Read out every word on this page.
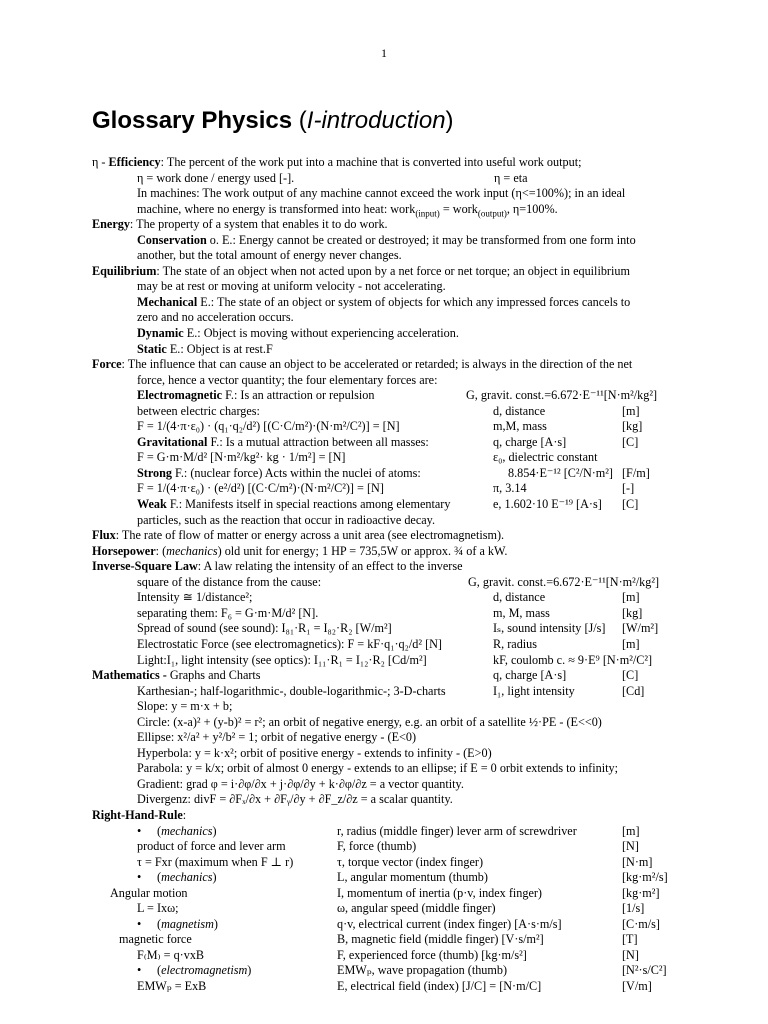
1
Glossary Physics (I-introduction)
η - Efficiency: The percent of the work put into a machine that is converted into useful work output;
η = work done / energy used [-].	η = eta
In machines: The work output of any machine cannot exceed the work input (η<=100%); in an ideal
machine, where no energy is transformed into heat: work$_{(input)}$ = work$_{(output)}$, η=100%.
Energy: The property of a system that enables it to do work.
Conservation o. E.: Energy cannot be created or destroyed; it may be transformed from one form into
another, but the total amount of energy never changes.
Equilibrium: The state of an object when not acted upon by a net force or net torque; an object in equilibrium
may be at rest or moving at uniform velocity - not accelerating.
Mechanical E.: The state of an object or system of objects for which any impressed forces cancels to
zero and no acceleration occurs.
Dynamic E.: Object is moving without experiencing acceleration.
Static E.: Object is at rest.F
Force: The influence that can cause an object to be accelerated or retarded; is always in the direction of the net
force, hence a vector quantity; the four elementary forces are:
Electromagnetic F.: Is an attraction or repulsion	G, gravit. const.=6.672·E⁻¹¹[N·m²/kg²]
between electric charges:	d, distance	[m]
F = 1/(4·π·ε₀) · (q₁·q₂/d²) [(C·C/m²)·(N·m²/C²)] = [N]	m,M, mass	[kg]
Gravitational F.: Is a mutual attraction between all masses:	q, charge [A·s]	[C]
F = G·m·M/d² [N·m²/kg²· kg · 1/m²] = [N]	ε₀, dielectric constant
Strong F.: (nuclear force) Acts within the nuclei of atoms:	8.854·E⁻¹² [C²/N·m²] [F/m]
F = 1/(4·π·ε₀) · (e²/d²) [(C·C/m²)·(N·m²/C²)] = [N]	π, 3.14	[-]
Weak F.: Manifests itself in special reactions among elementary	e, 1.602·10 E⁻¹⁹ [A·s] [C]
particles, such as the reaction that occur in radioactive decay.
Flux: The rate of flow of matter or energy across a unit area (see electromagnetism).
Horsepower: (mechanics) old unit for energy; 1 HP = 735,5W or approx. ¾ of a kW.
Inverse-Square Law: A law relating the intensity of an effect to the inverse
square of the distance from the cause:	G, gravit. const.=6.672·E⁻¹¹[N·m²/kg²]
Intensity ≅ 1/distance²;	d, distance	[m]
separating them: F₆ = G·m·M/d² [N].	m, M, mass	[kg]
Spread of sound (see sound): I₈₁·R₁ = I₈₂·R₂ [W/m²]	Iₛ, sound intensity [J/s] [W/m²]
Electrostatic Force (see electromagnetics): F = kF·q₁·q₂/d² [N]	R, radius	[m]
Light:I₁, light intensity (see optics): I₁₁·R₁ = I₁₂·R₂ [Cd/m²]	kF, coulomb c. ≈ 9·E⁹ [N·m²/C²]
Mathematics - Graphs and Charts	q, charge [A·s]	[C]
Karthesian-; half-logarithmic-, double-logarithmic-; 3-D-charts	I₁, light intensity	[Cd]
Slope: y = m·x + b;
Circle: (x-a)² + (y-b)² = r²; an orbit of negative energy, e.g. an orbit of a satellite ½·PE - (E<<0)
Ellipse: x²/a² + y²/b² = 1; orbit of negative energy - (E<0)
Hyperbola: y = k·x²; orbit of positive energy - extends to infinity - (E>0)
Parabola: y = k/x; orbit of almost 0 energy - extends to an ellipse; if E = 0 orbit extends to infinity;
Gradient: grad φ = i·∂φ/∂x + j·∂φ/∂y + k·∂φ/∂z = a vector quantity.
Divergenz: divF = ∂Fₓ/∂x + ∂Fᵧ/∂y + ∂F_z/∂z = a scalar quantity.
Right-Hand-Rule:
• (mechanics)	r, radius (middle finger) lever arm of screwdriver	[m]
product of force and lever arm	F, force (thumb)	[N]
τ = Fxr (maximum when F ⊥ r)	τ, torque vector (index finger)	[N·m]
• (mechanics)	L, angular momentum (thumb)	[kg·m²/s]
Angular motion	I, momentum of inertia (p·v, index finger)	[kg·m²]
L = Ixω;	ω, angular speed (middle finger)	[1/s]
• (magnetism)	q·v, electrical current (index finger) [A·s·m/s]	[C·m/s]
magnetic force	B, magnetic field (middle finger) [V·s/m²]	[T]
F₍M₎ = q·vxB	F, experienced force (thumb) [kg·m/s²]	[N]
• (electromagnetism)	EMWₚ, wave propagation (thumb)	[N²·s/C²]
EMWₚ = ExB	E, electrical field (index) [J/C] = [N·m/C]	[V/m]
